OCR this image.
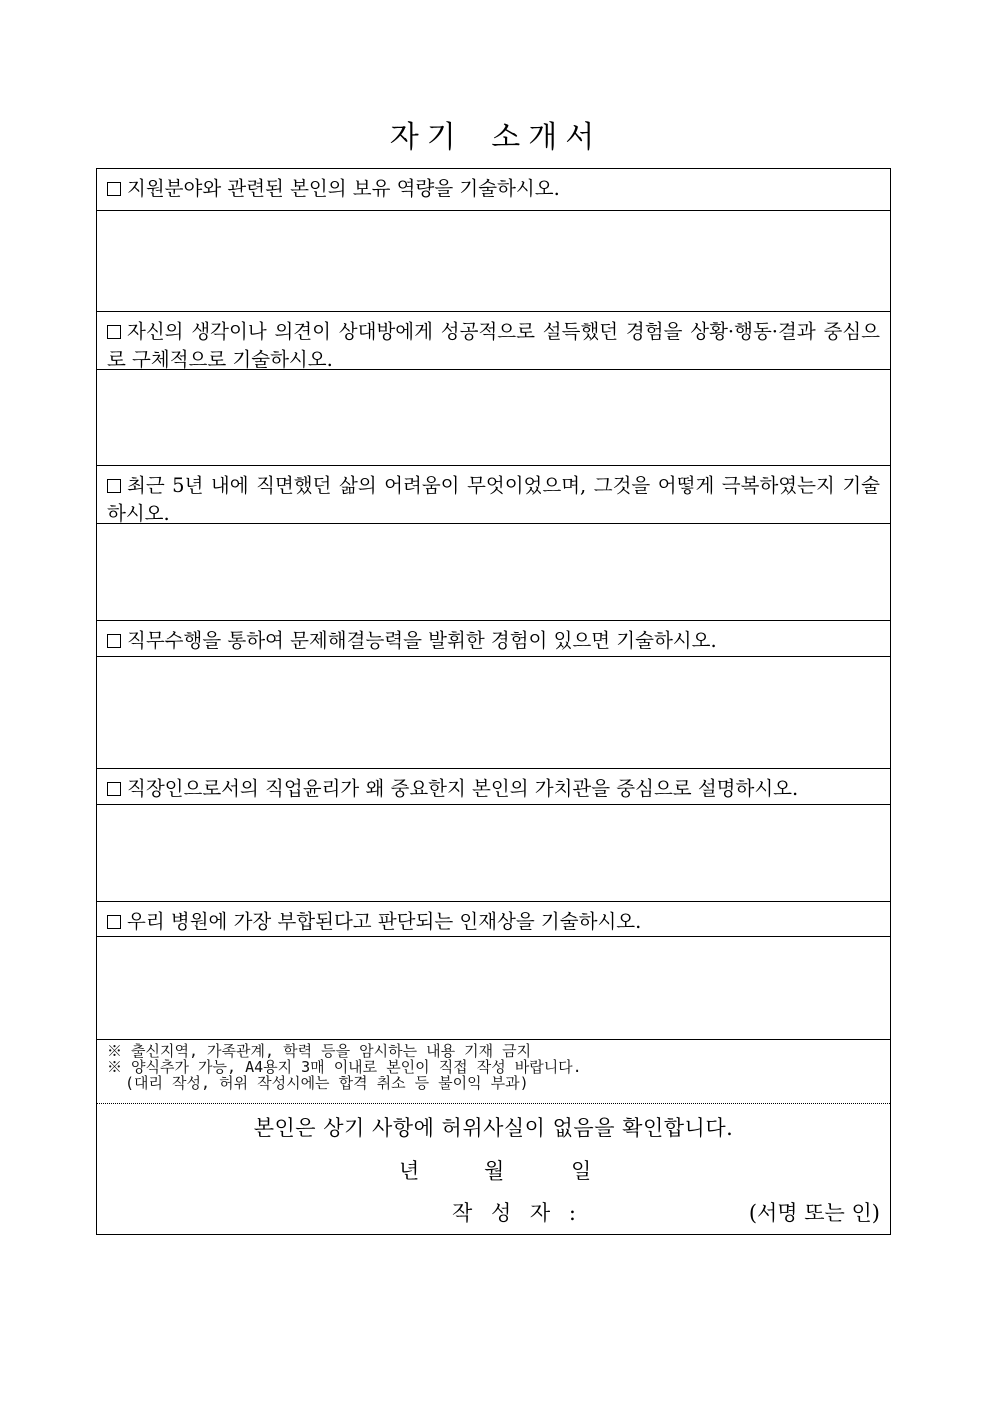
자기 소개서
지원분야와 관련된 본인의 보유 역량을 기술하시오.
자신의 생각이나 의견이 상대방에게 성공적으로 설득했던 경험을 상황·행동·결과 중심으로 구체적으로 기술하시오.
최근 5년 내에 직면했던 삶의 어려움이 무엇이었으며, 그것을 어떻게 극복하였는지 기술하시오.
직무수행을 통하여 문제해결능력을 발휘한 경험이 있으면 기술하시오.
직장인으로서의 직업윤리가 왜 중요한지 본인의 가치관을 중심으로 설명하시오.
우리 병원에 가장 부합된다고 판단되는 인재상을 기술하시오.
※ 출신지역, 가족관계, 학력 등을 암시하는 내용 기재 금지
※ 양식추가 가능, A4용지 3매 이내로 본인이 직접 작성 바랍니다.
(대리 작성, 허위 작성시에는 합격 취소 등 불이익 부과)
본인은 상기 사항에 허위사실이 없음을 확인합니다.
년	월	일
작 성 자 :	(서명 또는 인)
